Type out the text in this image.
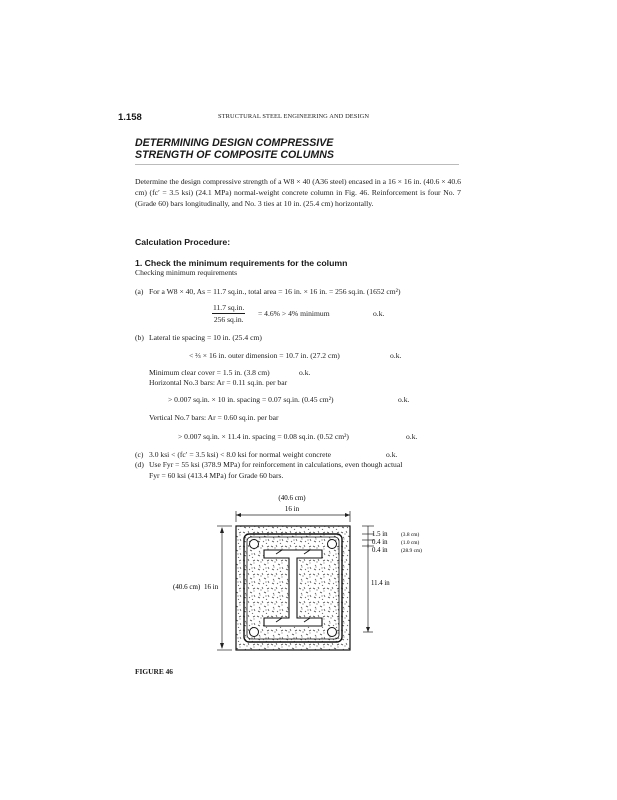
1.158	STRUCTURAL STEEL ENGINEERING AND DESIGN
DETERMINING DESIGN COMPRESSIVE
STRENGTH OF COMPOSITE COLUMNS
Determine the design compressive strength of a W8 × 40 (A36 steel) encased in a 16 × 16 in. (40.6 × 40.6 cm) (fc′ = 3.5 ksi) (24.1 MPa) normal-weight concrete column in Fig. 46. Reinforcement is four No. 7 (Grade 60) bars longitudinally, and No. 3 ties at 10 in. (25.4 cm) horizontally.
Calculation Procedure:
1. Check the minimum requirements for the column
Checking minimum requirements
(a) For a W8 × 40, As = 11.7 sq.in., total area = 16 in. × 16 in. = 256 sq.in. (1652 cm²)
$\frac{11.7 sq.in.}{256 sq.in.} = 4.6\% > 4\%$ minimum	o.k.
(b) Lateral tie spacing = 10 in. (25.4 cm)
< ⅔ × 16 in. outer dimension = 10.7 in. (27.2 cm)	o.k.
Minimum clear cover = 1.5 in. (3.8 cm)	o.k.
Horizontal No.3 bars: Ar = 0.11 sq.in. per bar
> 0.007 sq.in. × 10 in. spacing = 0.07 sq.in. (0.45 cm²)	o.k.
Vertical No.7 bars: Ar = 0.60 sq.in. per bar
> 0.007 sq.in. × 11.4 in. spacing = 0.08 sq.in. (0.52 cm²)	o.k.
(c) 3.0 ksi < (fc′ = 3.5 ksi) < 8.0 ksi for normal weight concrete	o.k.
(d) Use Fyr = 55 ksi (378.9 MPa) for reinforcement in calculations, even though actual
Fyr = 60 ksi (413.4 MPa) for Grade 60 bars.
(40.6 cm)
16 in
1.5 in	(3.8 cm)
0.4 in	(1.0 cm)
0.4 in	(28.9 cm)
11.4 in
(40.6 cm) 16 in
FIGURE 46
